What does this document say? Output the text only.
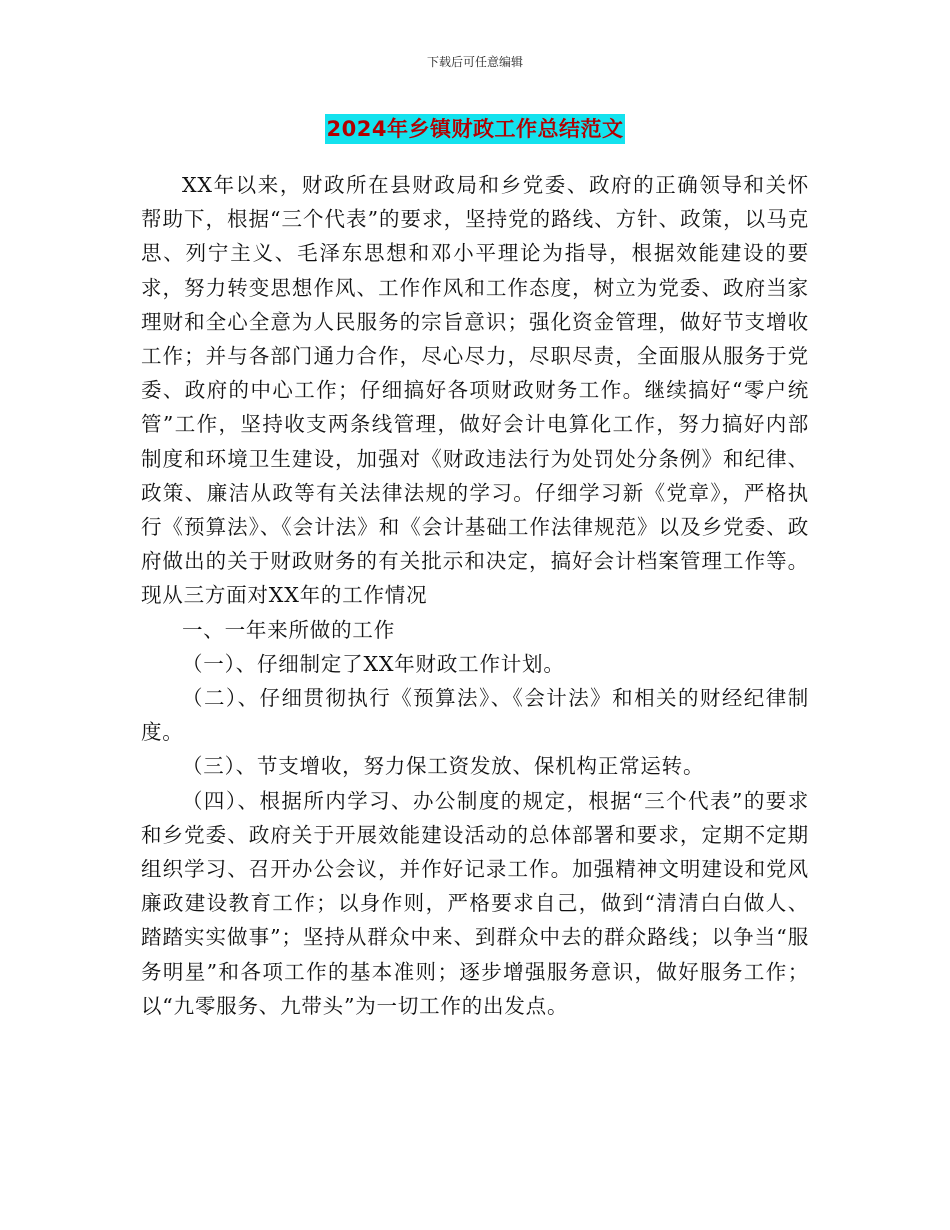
下载后可任意编辑
2024年乡镇财政工作总结范文

XX年以来，财政所在县财政局和乡党委、政府的正确领导和关怀帮助下，根据“三个代表”的要求，坚持党的路线、方针、政策，以马克思、列宁主义、毛泽东思想和邓小平理论为指导，根据效能建设的要求，努力转变思想作风、工作作风和工作态度，树立为党委、政府当家理财和全心全意为人民服务的宗旨意识；强化资金管理，做好节支增收工作；并与各部门通力合作，尽心尽力，尽职尽责，全面服从服务于党委、政府的中心工作；仔细搞好各项财政财务工作。继续搞好“零户统管”工作，坚持收支两条线管理，做好会计电算化工作，努力搞好内部制度和环境卫生建设，加强对《财政违法行为处罚处分条例》和纪律、政策、廉洁从政等有关法律法规的学习。仔细学习新《党章》，严格执行《预算法》、《会计法》和《会计基础工作法律规范》以及乡党委、政府做出的关于财政财务的有关批示和决定，搞好会计档案管理工作等。现从三方面对XX年的工作情况

一、一年来所做的工作

（一）、仔细制定了XX年财政工作计划。

（二）、仔细贯彻执行《预算法》、《会计法》和相关的财经纪律制度。

（三）、节支增收，努力保工资发放、保机构正常运转。

（四）、根据所内学习、办公制度的规定，根据“三个代表”的要求和乡党委、政府关于开展效能建设活动的总体部署和要求，定期不定期组织学习、召开办公会议，并作好记录工作。加强精神文明建设和党风廉政建设教育工作；以身作则，严格要求自己，做到“清清白白做人、踏踏实实做事”；坚持从群众中来、到群众中去的群众路线；以争当“服务明星”和各项工作的基本准则；逐步增强服务意识，做好服务工作；以“九零服务、九带头”为一切工作的出发点。
